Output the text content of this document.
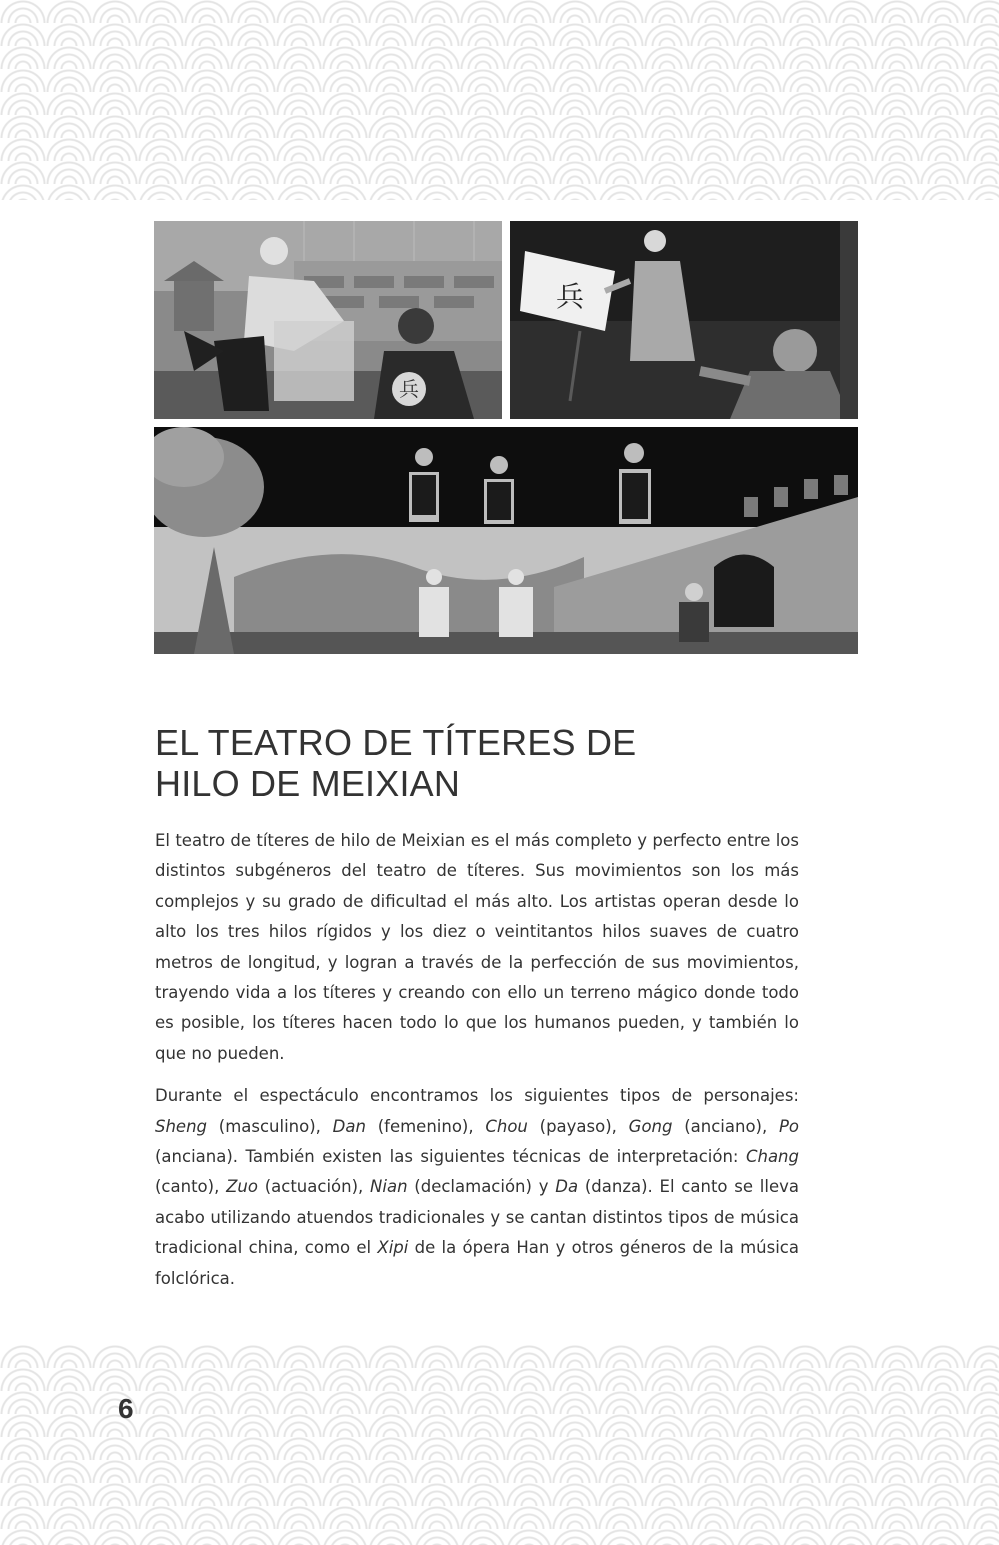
兵
兵
EL TEATRO DE TÍTERES DE
HILO DE MEIXIAN

El teatro de títeres de hilo de Meixian es el más completo y perfecto entre los distintos subgéneros del teatro de títeres. Sus movimientos son los más complejos y su grado de dificultad el más alto. Los artistas operan desde lo alto los tres hilos rígidos y los diez o veintitantos hilos suaves de cuatro metros de longitud, y logran a través de la perfección de sus movimientos, trayendo vida a los títeres y creando con ello un terreno mágico donde todo es posible, los títeres hacen todo lo que los humanos pueden, y también lo que no pueden.

Durante el espectáculo encontramos los siguientes tipos de personajes: Sheng (masculino), Dan (femenino), Chou (payaso), Gong (anciano), Po (anciana). También existen las siguientes técnicas de interpretación: Chang (canto), Zuo (actuación), Nian (declamación) y Da (danza). El canto se lleva acabo utilizando atuendos tradicionales y se cantan distintos tipos de música tradicional china, como el Xipi de la ópera Han y otros géneros de la música folclórica.

6
